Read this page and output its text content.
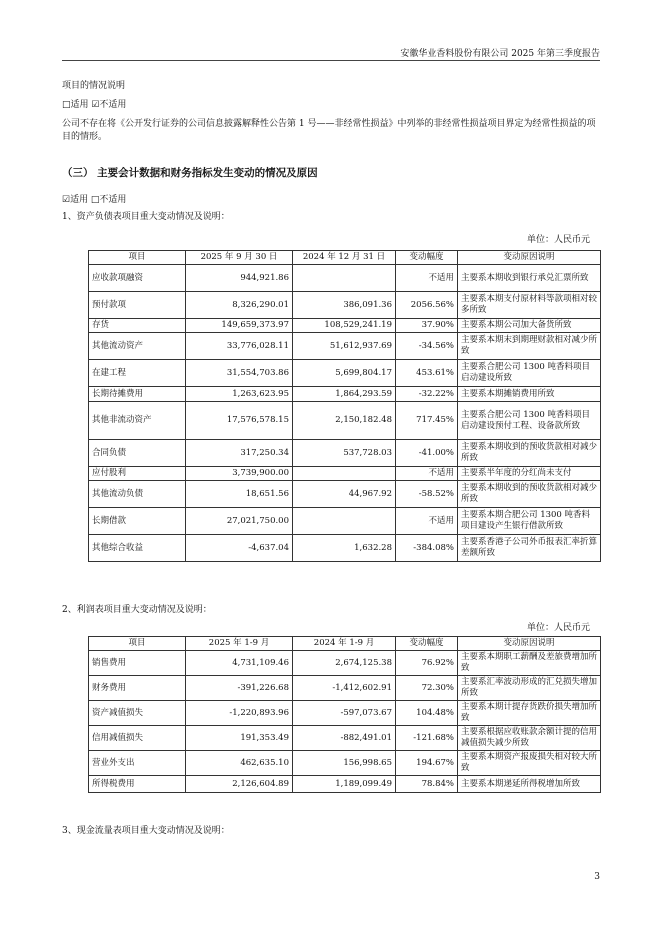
安徽华业香料股份有限公司 2025 年第三季度报告
项目的情况说明
□适用 ☑不适用
公司不存在将《公开发行证券的公司信息披露解释性公告第 1 号——非经常性损益》中列举的非经常性损益项目界定为经常性损益的项目的情形。
（三） 主要会计数据和财务指标发生变动的情况及原因
☑适用 □不适用
1、资产负债表项目重大变动情况及说明：
单位：人民币元
项目	2025 年 9 月 30 日	2024 年 12 月 31 日	变动幅度	变动原因说明
应收款项融资	944,921.86		不适用	主要系本期收到银行承兑汇票所致
预付款项	8,326,290.01	386,091.36	2056.56%	主要系本期支付原材料等款项相对较多所致
存货	149,659,373.97	108,529,241.19	37.90%	主要系本期公司加大备货所致
其他流动资产	33,776,028.11	51,612,937.69	-34.56%	主要系本期末到期理财款相对减少所致
在建工程	31,554,703.86	5,699,804.17	453.61%	主要系合肥公司 1300 吨香料项目启动建设所致
长期待摊费用	1,263,623.95	1,864,293.59	-32.22%	主要系本期摊销费用所致
其他非流动资产	17,576,578.15	2,150,182.48	717.45%	主要系合肥公司 1300 吨香料项目启动建设预付工程、设备款所致
合同负债	317,250.34	537,728.03	-41.00%	主要系本期收到的预收货款相对减少所致
应付股利	3,739,900.00		不适用	主要系半年度的分红尚未支付
其他流动负债	18,651.56	44,967.92	-58.52%	主要系本期收到的预收货款相对减少所致
长期借款	27,021,750.00		不适用	主要系本期合肥公司 1300 吨香料项目建设产生银行借款所致
其他综合收益	-4,637.04	1,632.28	-384.08%	主要系香港子公司外币报表汇率折算差额所致
2、利润表项目重大变动情况及说明：
单位：人民币元
项目	2025 年 1-9 月	2024 年 1-9 月	变动幅度	变动原因说明
销售费用	4,731,109.46	2,674,125.38	76.92%	主要系本期职工薪酬及差旅费增加所致
财务费用	-391,226.68	-1,412,602.91	72.30%	主要系汇率波动形成的汇兑损失增加所致
资产减值损失	-1,220,893.96	-597,073.67	104.48%	主要系本期计提存货跌价损失增加所致
信用减值损失	191,353.49	-882,491.01	-121.68%	主要系根据应收账款余额计提的信用减值损失减少所致
营业外支出	462,635.10	156,998.65	194.67%	主要系本期资产报废损失相对较大所致
所得税费用	2,126,604.89	1,189,099.49	78.84%	主要系本期递延所得税增加所致
3、现金流量表项目重大变动情况及说明：
3
